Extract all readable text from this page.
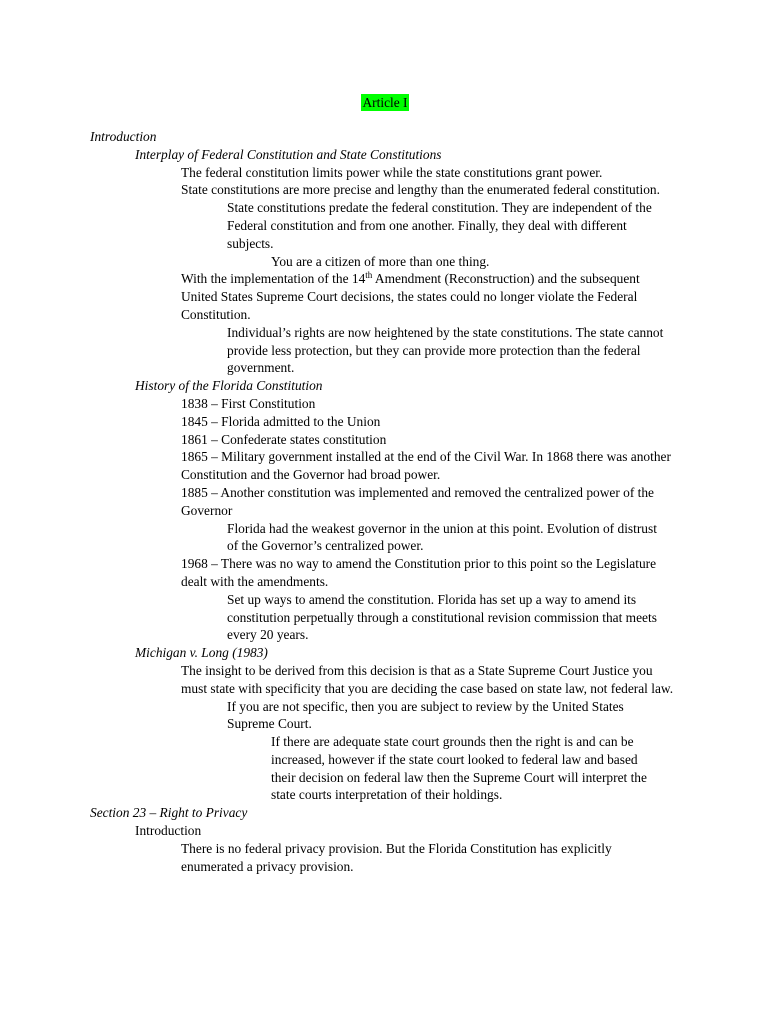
Article I
Introduction
Interplay of Federal Constitution and State Constitutions
The federal constitution limits power while the state constitutions grant power.
State constitutions are more precise and lengthy than the enumerated federal constitution.
State constitutions predate the federal constitution. They are independent of the Federal constitution and from one another. Finally, they deal with different subjects.
You are a citizen of more than one thing.
With the implementation of the 14th Amendment (Reconstruction) and the subsequent United States Supreme Court decisions, the states could no longer violate the Federal Constitution.
Individual’s rights are now heightened by the state constitutions. The state cannot provide less protection, but they can provide more protection than the federal government.
History of the Florida Constitution
1838 – First Constitution
1845 – Florida admitted to the Union
1861 – Confederate states constitution
1865 – Military government installed at the end of the Civil War. In 1868 there was another Constitution and the Governor had broad power.
1885 – Another constitution was implemented and removed the centralized power of the Governor
Florida had the weakest governor in the union at this point. Evolution of distrust of the Governor’s centralized power.
1968 – There was no way to amend the Constitution prior to this point so the Legislature dealt with the amendments.
Set up ways to amend the constitution. Florida has set up a way to amend its constitution perpetually through a constitutional revision commission that meets every 20 years.
Michigan v. Long (1983)
The insight to be derived from this decision is that as a State Supreme Court Justice you must state with specificity that you are deciding the case based on state law, not federal law.
If you are not specific, then you are subject to review by the United States Supreme Court.
If there are adequate state court grounds then the right is and can be increased, however if the state court looked to federal law and based their decision on federal law then the Supreme Court will interpret the state courts interpretation of their holdings.
Section 23 – Right to Privacy
Introduction
There is no federal privacy provision. But the Florida Constitution has explicitly enumerated a privacy provision.
